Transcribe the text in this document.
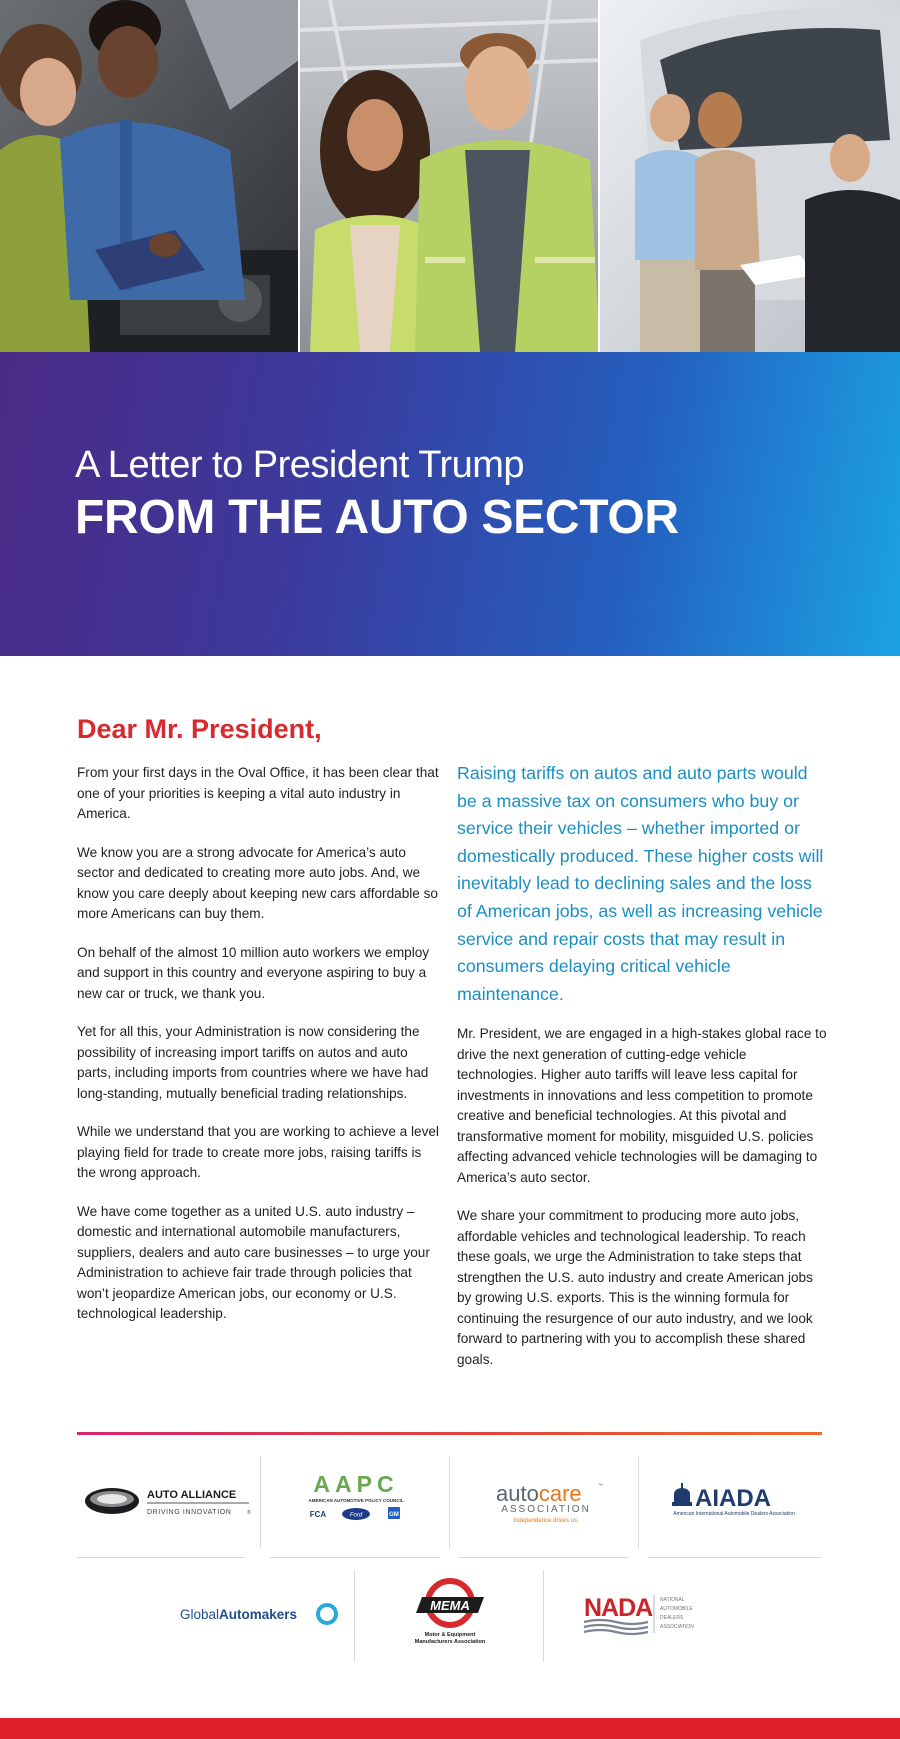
A Letter to President Trump
FROM THE AUTO SECTOR
Dear Mr. President,

From your first days in the Oval Office, it has been clear that one of your priorities is keeping a vital auto industry in America.

We know you are a strong advocate for America’s auto sector and dedicated to creating more auto jobs. And, we know you care deeply about keeping new cars affordable so more Americans can buy them.

On behalf of the almost 10 million auto workers we employ and support in this country and everyone aspiring to buy a new car or truck, we thank you.

Yet for all this, your Administration is now considering the possibility of increasing import tariffs on autos and auto parts, including imports from countries where we have had long-standing, mutually beneficial trading relationships.

While we understand that you are working to achieve a level playing field for trade to create more jobs, raising tariffs is the wrong approach.

We have come together as a united U.S. auto industry – domestic and international automobile manufacturers, suppliers, dealers and auto care businesses – to urge your Administration to achieve fair trade through policies that won’t jeopardize American jobs, our economy or U.S. technological leadership.

Raising tariffs on autos and auto parts would be a massive tax on consumers who buy or service their vehicles – whether imported or domestically produced. These higher costs will inevitably lead to declining sales and the loss of American jobs, as well as increasing vehicle service and repair costs that may result in consumers delaying critical vehicle maintenance.

Mr. President, we are engaged in a high-stakes global race to drive the next generation of cutting-edge vehicle technologies. Higher auto tariffs will leave less capital for investments in innovations and less competition to promote creative and beneficial technologies. At this pivotal and transformative moment for mobility, misguided U.S. policies affecting advanced vehicle technologies will be damaging to America’s auto sector.

We share your commitment to producing more auto jobs, affordable vehicles and technological leadership. To reach these goals, we urge the Administration to take steps that strengthen the U.S. auto industry and create American jobs by growing U.S. exports. This is the winning formula for continuing the resurgence of our auto industry, and we look forward to partnering with you to accomplish these shared goals.

AUTO ALLIANCE
DRIVING INNOVATION	®
AAPC
AMERICAN AUTOMOTIVE POLICY COUNCIL
FCA	Ford	GM
autocare	™
ASSOCIATION
Independence drives us.
AIADA
American International Automobile Dealers Association
GlobalAutomakers
MEMA
Motor & Equipment
Manufacturers Association
NADA NATIONAL
AUTOMOBILE
DEALERS
ASSOCIATION
